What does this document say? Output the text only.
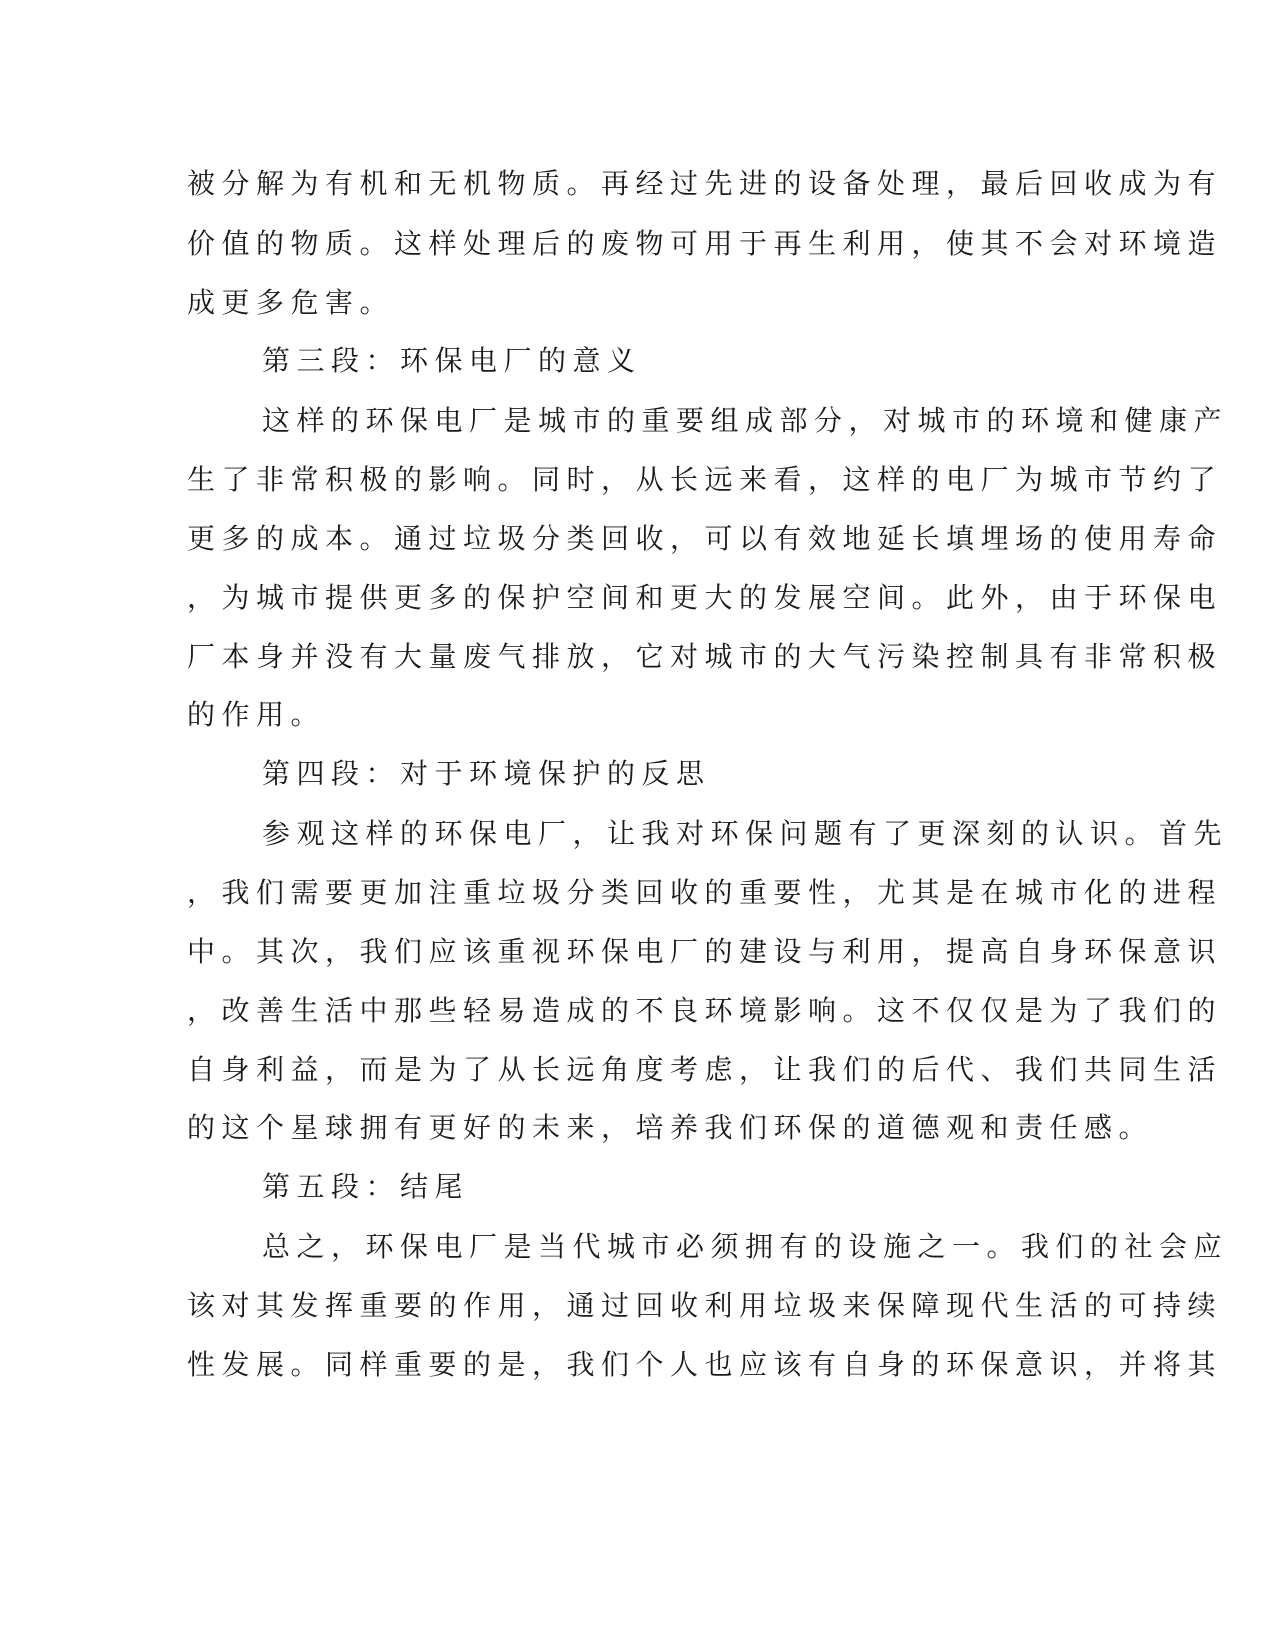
被分解为有机和无机物质。再经过先进的设备处理，最后回收成为有

价值的物质。这样处理后的废物可用于再生利用，使其不会对环境造

成更多危害。

第三段：环保电厂的意义

这样的环保电厂是城市的重要组成部分，对城市的环境和健康产

生了非常积极的影响。同时，从长远来看，这样的电厂为城市节约了

更多的成本。通过垃圾分类回收，可以有效地延长填埋场的使用寿命

，为城市提供更多的保护空间和更大的发展空间。此外，由于环保电

厂本身并没有大量废气排放，它对城市的大气污染控制具有非常积极

的作用。

第四段：对于环境保护的反思

参观这样的环保电厂，让我对环保问题有了更深刻的认识。首先

，我们需要更加注重垃圾分类回收的重要性，尤其是在城市化的进程

中。其次，我们应该重视环保电厂的建设与利用，提高自身环保意识

，改善生活中那些轻易造成的不良环境影响。这不仅仅是为了我们的

自身利益，而是为了从长远角度考虑，让我们的后代、我们共同生活

的这个星球拥有更好的未来，培养我们环保的道德观和责任感。

第五段：结尾

总之，环保电厂是当代城市必须拥有的设施之一。我们的社会应

该对其发挥重要的作用，通过回收利用垃圾来保障现代生活的可持续

性发展。同样重要的是，我们个人也应该有自身的环保意识，并将其
